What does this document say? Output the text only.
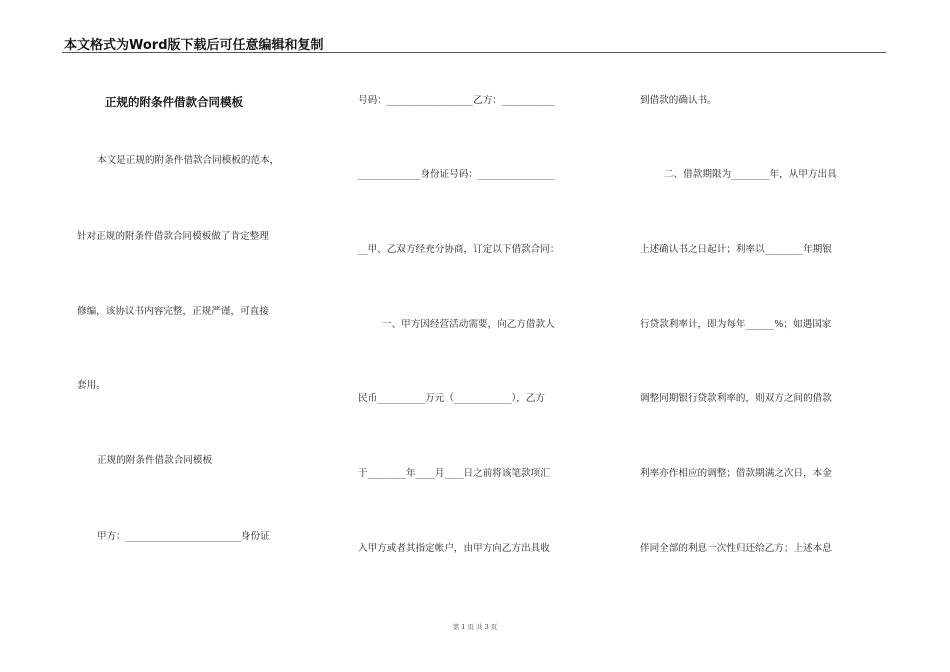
本文格式为Word版下载后可任意编辑和复制
正规的附条件借款合同模板
本文是正规的附条件借款合同模板的范本，
针对正规的附条件借款合同模板做了肯定整理
修编，该协议书内容完整，正规严谨，可直接
套用。
正规的附条件借款合同模板
甲方：________________________身份证
号码：__________________乙方：___________
_____________身份证号码：________________
__甲、乙双方经充分协商，订定以下借款合同：
一、甲方因经营活动需要，向乙方借款人
民币__________万元（____________），乙方
于________年____月____日之前将该笔款项汇
入甲方或者其指定帐户，由甲方向乙方出具收
到借款的确认书。
二、借款期限为________年，从甲方出具
上述确认书之日起计；利率以________年期银
行贷款利率计，即为每年______%；如遇国家
调整同期银行贷款利率的，则双方之间的借款
利率亦作相应的调整；借款期满之次日，本金
伴同全部的利息一次性归还给乙方；上述本息
第 1 页 共 3 页
